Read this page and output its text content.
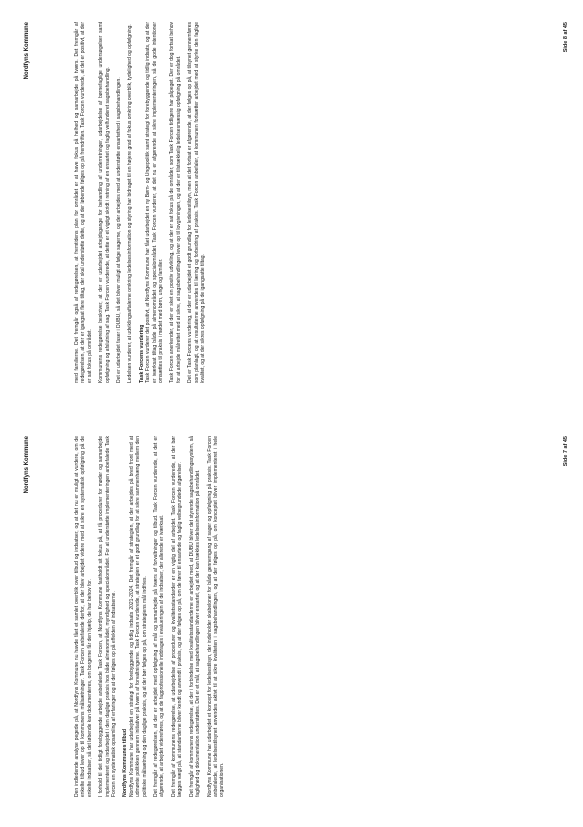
Nordfyns Kommune	Den indledende analyse pegede på, at Nordfyns Kommune nu havde fået et samlet overblik over tilbud og indsatser, og at det nu er muligt at vurdere, om de enkelte tilbud lever op til kommunens målsætninger. Task Forcen anbefalede derfor, at der blev arbejdet videre med at sikre en systematisk opfølgning på de enkelte indsatser, så det løbende kan dokumenteres, om borgerne får den hjælp, de har behov for. I forhold til det tidligt forebyggende arbejde anbefalede Task Forcen, at Nordfyns Kommune fastholdt sit fokus på, at få procedurer for møder og samarbejde implementeret og indarbejdet i den daglige praksis hos både almenområdet, myndighed og specialområdet. For at understøtte implementeringen anbefalede Task Forcen en systematisk opsamling af erfaringer og at der følges op på effekten af indsatserne. Nordfyns Kommunes tilbud Nordfyns Kommune har udarbejdet en strategi for forebyggende og tidlig indsats 2021-2024. Det fremgår af strategien, at der arbejdes på bred front med at udmønte politikken gennem initiativer på tværs af forvaltningerne. Task Forcen vurderede, at strategien er et godt grundlag for at sikre sammenhæng mellem den politiske målsætning og den daglige praksis, og at der bør følges op på, om strategiens mål indfries. Det fremgår af redegørelsen, at der er arbejdet med opfølgning af mål og samarbejde på tværs af forvaltninger og tilbud. Task Forcen vurderede, at det er afgørende, at arbejdet videreføres, og at de fagprofessionelle inddrages i evalueringen af de indsatser, der allerede er iværksat. Det fremgår af kommunens redegørelse, at udarbejdelse af procedurer og kvalitetsstandarder er en vigtig del af arbejdet. Task Forcen vurderede, at der bør lægges vægt på, at standarderne bliver kendt og anvendt i praksis, og at der følges op på, om de fører til ensartede og faglig velbegrundede afgørelser. Det fremgår af kommunens redegørelse, at der i forbindelse med kvalitetsstandarderne er arbejdet med, at DUBU bliver det styrende sagsbehandlingssystem, så faglighed og dokumentation understøttes. Det er et mål, at sagsbehandlingen bliver ensartet, og at der kan trækkes ledelsesinformation på området. Nordfyns Kommune har udarbejdet et koncept for ledelsestilsyn, der indeholder skabeloner for både gennemgang af sager og opfølgning på praksis. Task Forcen anbefalede, at ledelsestilsynet anvendes aktivt til at sikre kvaliteten i sagsbehandlingen, og at der følges op på, om konceptet bliver implementeret i hele organisationen.

Side 7 af 45
Nordfyns Kommune	med familierne. Det fremgår også af redegørelsen, at fremtidens plan for området er at have fokus på helhed og samarbejde på tværs. Det fremgår af redegørelsen, at der er igangsat flere tiltag, der skal understøtte dette, og at der løbende følges op på fremdriften. Task Forcen vurderede, at det er positivt, at der er sat fokus på området. Kommunens redegørelse beskriver, at der er udarbejdet arbejdsgange for behandling af underretninger, udarbejdelse af børnefaglige undersøgelser samt opfølgning og afslutning af sag. Task Forcen vurderede, at dette er et vigtigt skridt i retning af en ensartet og faglig velfunderet sagsbehandling. Det er udarbejdet faser i DUBU, så det bliver muligt at følge sagerne, og der arbejdes med at understøtte ensartethed i sagsbehandlingen. Ledelsen vurderer, at udviklingsaftalerne omkring ledelsesinformation og styring har bidraget til en højere grad af fokus omkring overblik, tydelighed og opfølgning. Task Forcens vurdering Task Forcen vurderer det positivt, at Nordfyns Kommune har fået udarbejdet en ny Børn- og Ungepolitik samt strategi for forebyggende og tidlig indsats, og at der er iværksat tiltag både på almenområdet og specialområdet. Task Forcen vurderer, at det nu er afgørende at sikre implementeringen, så de gode intentioner omsættes til praksis i mødet med børn, unge og familier. Task Forcen anerkender, at der er sket en positiv udvikling, og at der er sat fokus på de områder, som Task Forcen tidligere har påpeget. Der er dog fortsat behov for at arbejde målrettet med at sikre, at sagsbehandlingen lever op til lovgivningen, og at der er tilstrækkelig ledelsesmæssig opfølgning på området. Det er Task Forcens vurdering, at der er udarbejdet et godt grundlag for ledelsestilsyn, men at det fortsat er afgørende, at der følges op på, at tilsynet gennemføres som planlagt, og at resultaterne anvendes til læring og forbedring af praksis. Task Forcen anbefaler, at kommunen fortsætter arbejdet med at styrke den faglige kvalitet, og at der sikres opfølgning på de igangsatte tiltag.

Side 8 af 45
